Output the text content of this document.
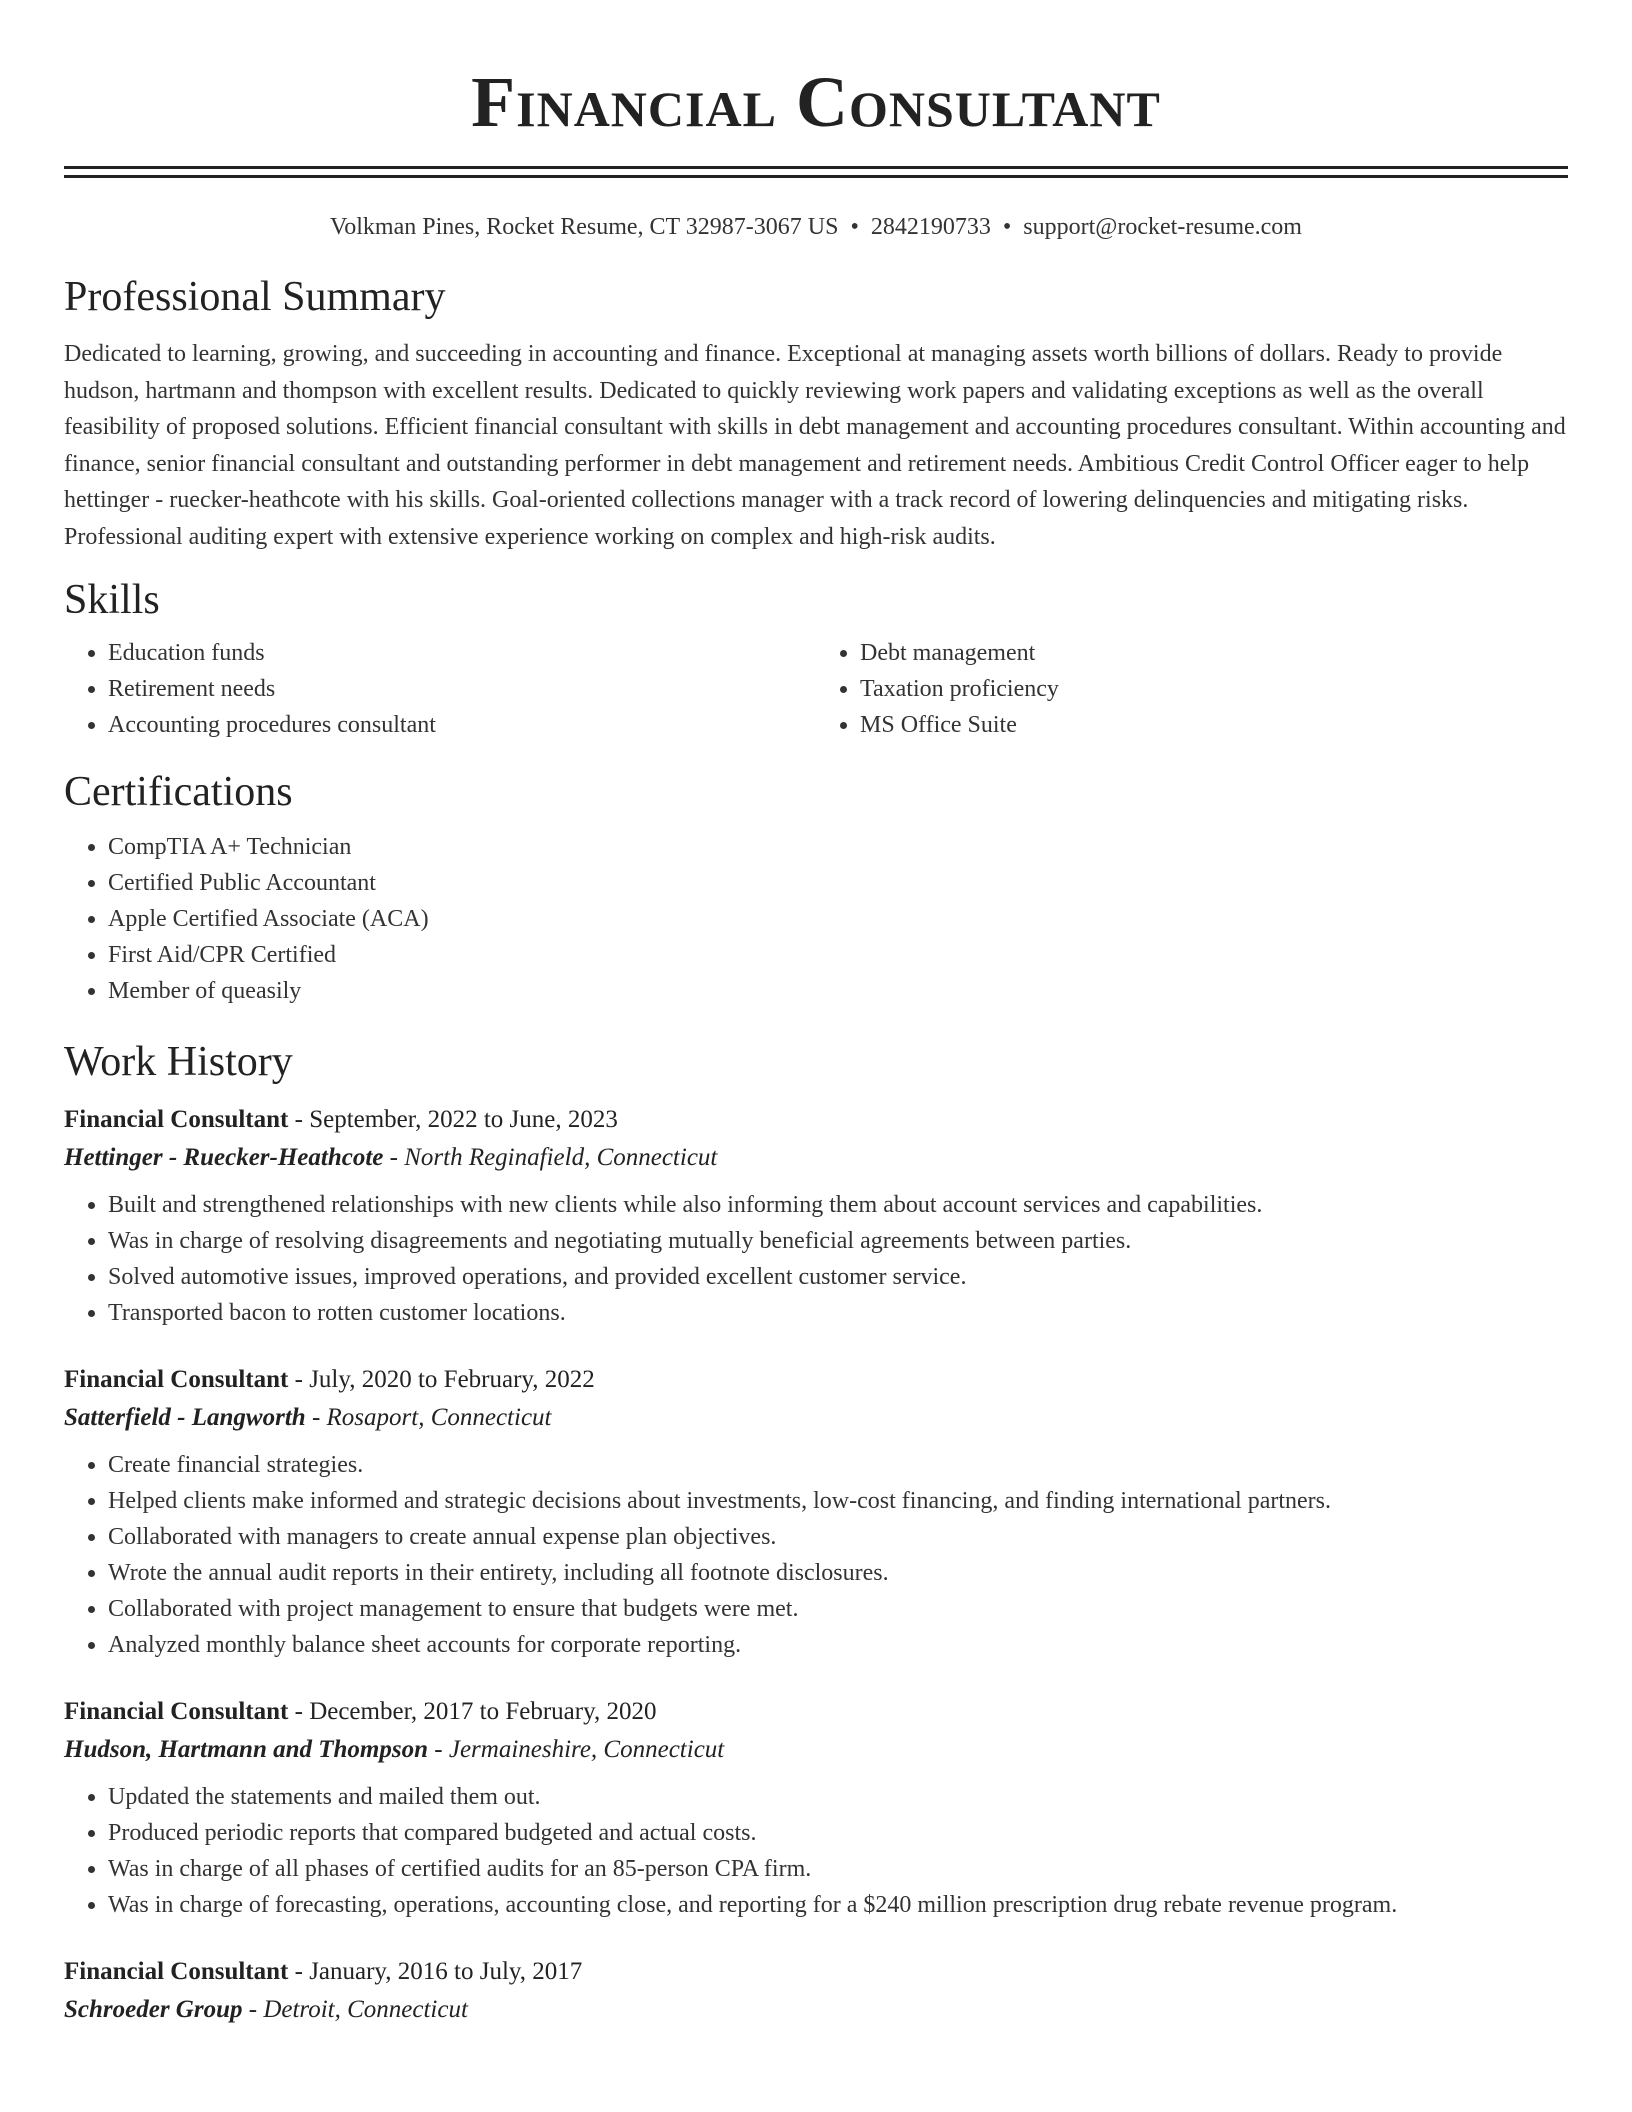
Financial Consultant
Volkman Pines, Rocket Resume, CT 32987-3067 US • 2842190733 • support@rocket-resume.com
Professional Summary
Dedicated to learning, growing, and succeeding in accounting and finance. Exceptional at managing assets worth billions of dollars. Ready to provide hudson, hartmann and thompson with excellent results. Dedicated to quickly reviewing work papers and validating exceptions as well as the overall feasibility of proposed solutions. Efficient financial consultant with skills in debt management and accounting procedures consultant. Within accounting and finance, senior financial consultant and outstanding performer in debt management and retirement needs. Ambitious Credit Control Officer eager to help hettinger - ruecker-heathcote with his skills. Goal-oriented collections manager with a track record of lowering delinquencies and mitigating risks. Professional auditing expert with extensive experience working on complex and high-risk audits.
Skills
• Education funds
• Retirement needs
• Accounting procedures consultant
• Debt management
• Taxation proficiency
• MS Office Suite
Certifications
• CompTIA A+ Technician
• Certified Public Accountant
• Apple Certified Associate (ACA)
• First Aid/CPR Certified
• Member of queasily
Work History
Financial Consultant - September, 2022 to June, 2023
Hettinger - Ruecker-Heathcote - North Reginafield, Connecticut
• Built and strengthened relationships with new clients while also informing them about account services and capabilities.
• Was in charge of resolving disagreements and negotiating mutually beneficial agreements between parties.
• Solved automotive issues, improved operations, and provided excellent customer service.
• Transported bacon to rotten customer locations.
Financial Consultant - July, 2020 to February, 2022
Satterfield - Langworth - Rosaport, Connecticut
• Create financial strategies.
• Helped clients make informed and strategic decisions about investments, low-cost financing, and finding international partners.
• Collaborated with managers to create annual expense plan objectives.
• Wrote the annual audit reports in their entirety, including all footnote disclosures.
• Collaborated with project management to ensure that budgets were met.
• Analyzed monthly balance sheet accounts for corporate reporting.
Financial Consultant - December, 2017 to February, 2020
Hudson, Hartmann and Thompson - Jermaineshire, Connecticut
• Updated the statements and mailed them out.
• Produced periodic reports that compared budgeted and actual costs.
• Was in charge of all phases of certified audits for an 85-person CPA firm.
• Was in charge of forecasting, operations, accounting close, and reporting for a $240 million prescription drug rebate revenue program.
Financial Consultant - January, 2016 to July, 2017
Schroeder Group - Detroit, Connecticut
